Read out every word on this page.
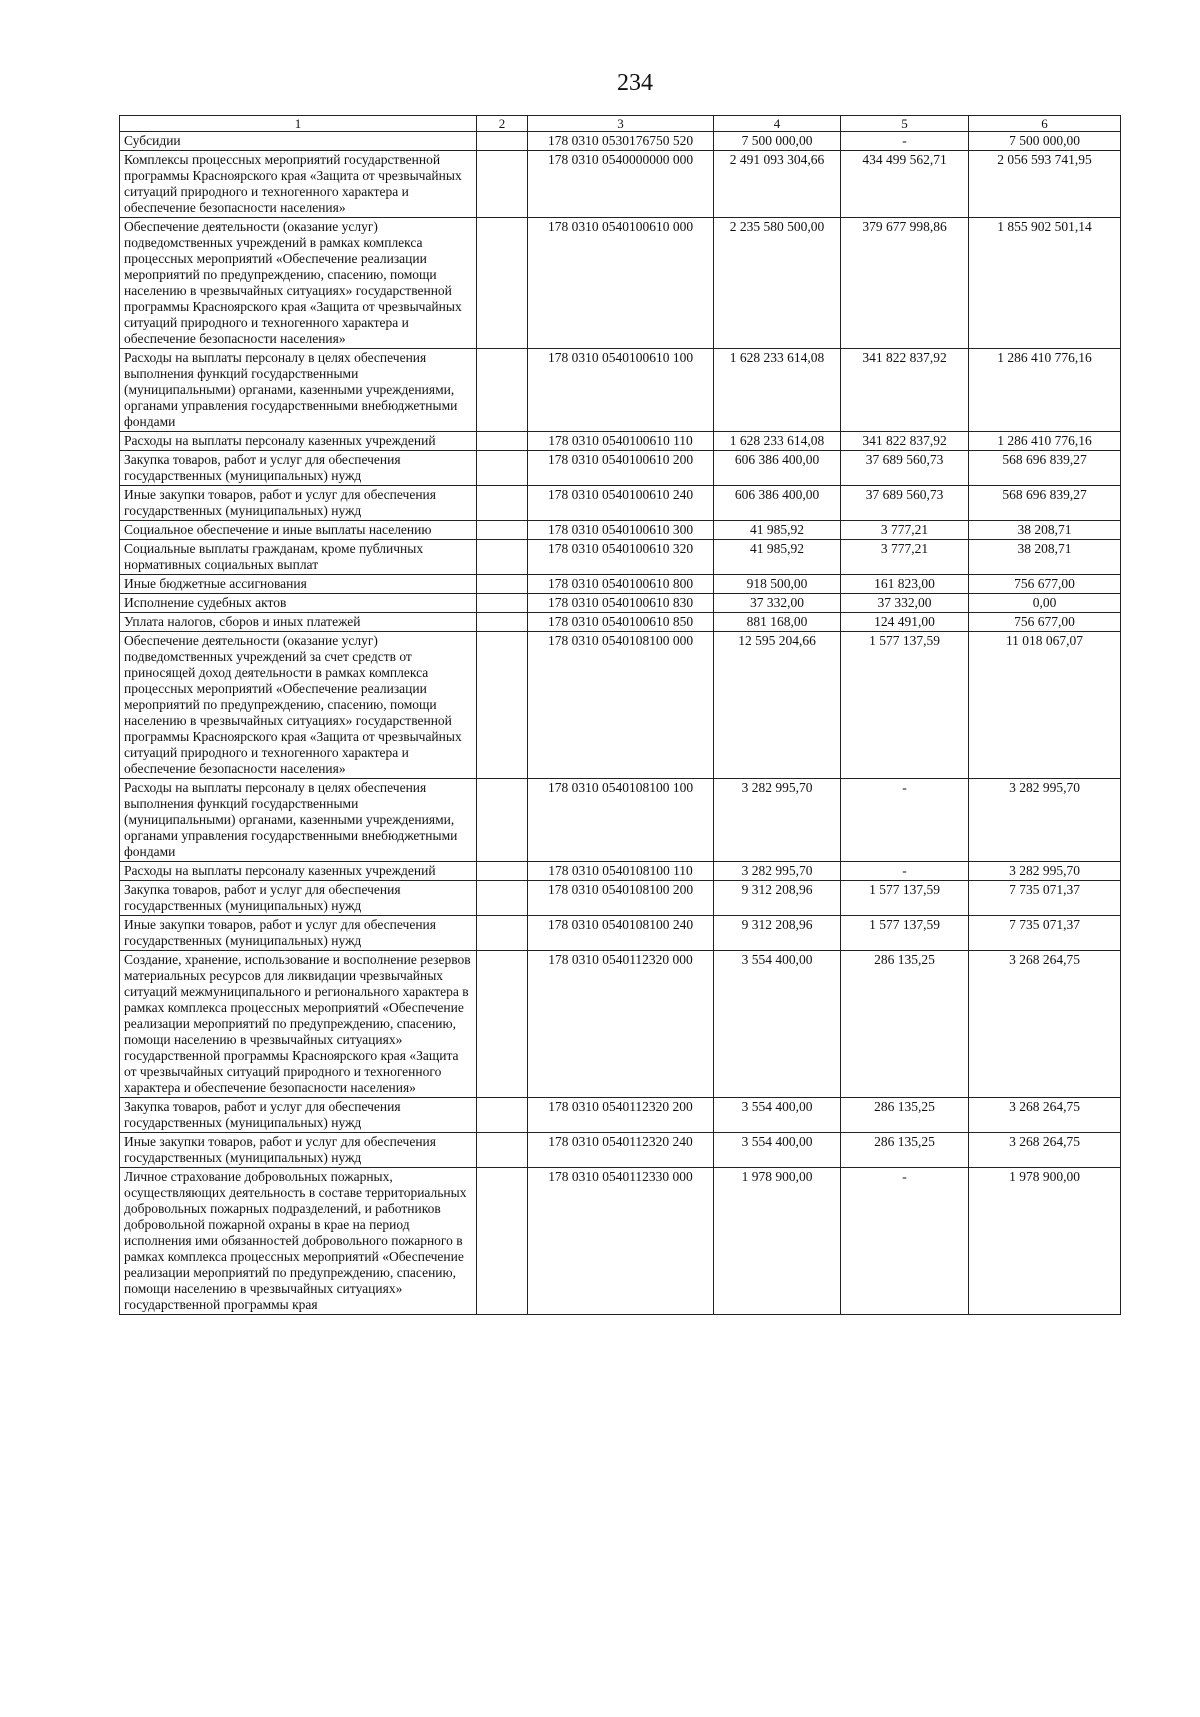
234
1	2	3	4	5	6
Субсидии		178 0310 0530176750 520	7 500 000,00	-	7 500 000,00
Комплексы процессных мероприятий государственной программы Красноярского края «Защита от чрезвычайных ситуаций природного и техногенного характера и обеспечение безопасности населения»		178 0310 0540000000 000	2 491 093 304,66	434 499 562,71	2 056 593 741,95
Обеспечение деятельности (оказание услуг) подведомственных учреждений в рамках комплекса процессных мероприятий «Обеспечение реализации мероприятий по предупреждению, спасению, помощи населению в чрезвычайных ситуациях» государственной программы Красноярского края «Защита от чрезвычайных ситуаций природного и техногенного характера и обеспечение безопасности населения»		178 0310 0540100610 000	2 235 580 500,00	379 677 998,86	1 855 902 501,14
Расходы на выплаты персоналу в целях обеспечения выполнения функций государственными (муниципальными) органами, казенными учреждениями, органами управления государственными внебюджетными фондами		178 0310 0540100610 100	1 628 233 614,08	341 822 837,92	1 286 410 776,16
Расходы на выплаты персоналу казенных учреждений		178 0310 0540100610 110	1 628 233 614,08	341 822 837,92	1 286 410 776,16
Закупка товаров, работ и услуг для обеспечения государственных (муниципальных) нужд		178 0310 0540100610 200	606 386 400,00	37 689 560,73	568 696 839,27
Иные закупки товаров, работ и услуг для обеспечения государственных (муниципальных) нужд		178 0310 0540100610 240	606 386 400,00	37 689 560,73	568 696 839,27
Социальное обеспечение и иные выплаты населению		178 0310 0540100610 300	41 985,92	3 777,21	38 208,71
Социальные выплаты гражданам, кроме публичных нормативных социальных выплат		178 0310 0540100610 320	41 985,92	3 777,21	38 208,71
Иные бюджетные ассигнования		178 0310 0540100610 800	918 500,00	161 823,00	756 677,00
Исполнение судебных актов		178 0310 0540100610 830	37 332,00	37 332,00	0,00
Уплата налогов, сборов и иных платежей		178 0310 0540100610 850	881 168,00	124 491,00	756 677,00
Обеспечение деятельности (оказание услуг) подведомственных учреждений за счет средств от приносящей доход деятельности в рамках комплекса процессных мероприятий «Обеспечение реализации мероприятий по предупреждению, спасению, помощи населению в чрезвычайных ситуациях» государственной программы Красноярского края «Защита от чрезвычайных ситуаций природного и техногенного характера и обеспечение безопасности населения»		178 0310 0540108100 000	12 595 204,66	1 577 137,59	11 018 067,07
Расходы на выплаты персоналу в целях обеспечения выполнения функций государственными (муниципальными) органами, казенными учреждениями, органами управления государственными внебюджетными фондами		178 0310 0540108100 100	3 282 995,70	-	3 282 995,70
Расходы на выплаты персоналу казенных учреждений		178 0310 0540108100 110	3 282 995,70	-	3 282 995,70
Закупка товаров, работ и услуг для обеспечения государственных (муниципальных) нужд		178 0310 0540108100 200	9 312 208,96	1 577 137,59	7 735 071,37
Иные закупки товаров, работ и услуг для обеспечения государственных (муниципальных) нужд		178 0310 0540108100 240	9 312 208,96	1 577 137,59	7 735 071,37
Создание, хранение, использование и восполнение резервов материальных ресурсов для ликвидации чрезвычайных ситуаций межмуниципального и регионального характера в рамках комплекса процессных мероприятий «Обеспечение реализации мероприятий по предупреждению, спасению, помощи населению в чрезвычайных ситуациях» государственной программы Красноярского края «Защита от чрезвычайных ситуаций природного и техногенного характера и обеспечение безопасности населения»		178 0310 0540112320 000	3 554 400,00	286 135,25	3 268 264,75
Закупка товаров, работ и услуг для обеспечения государственных (муниципальных) нужд		178 0310 0540112320 200	3 554 400,00	286 135,25	3 268 264,75
Иные закупки товаров, работ и услуг для обеспечения государственных (муниципальных) нужд		178 0310 0540112320 240	3 554 400,00	286 135,25	3 268 264,75
Личное страхование добровольных пожарных, осуществляющих деятельность в составе территориальных добровольных пожарных подразделений, и работников добровольной пожарной охраны в крае на период исполнения ими обязанностей добровольного пожарного в рамках комплекса процессных мероприятий «Обеспечение реализации мероприятий по предупреждению, спасению, помощи населению в чрезвычайных ситуациях» государственной программы края		178 0310 0540112330 000	1 978 900,00	-	1 978 900,00
